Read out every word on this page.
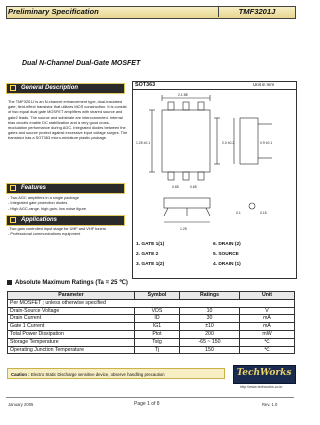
Preliminary Specification	TMF3201J
Dual N-Channel Dual-Gate MOSFET
General Description
The TMF3201J is an N-channel enhancement type, dual-insulated gate, field-effect transistor that utilizes MOS construction. It is consist of two equal dual gate MOSFET amplifiers with shared source and gate2 leads. The source and substrate are interconnected. Internal bias circuits enable DC stabilization and a very good cross-modulation performance during AGC. Integrated diodes between the gates and source protect against excessive input voltage surges. The transistor has a SOT363 micro-miniature plastic package.
Features
- Two AGC amplifiers in a single package
- Integrated gate protection diodes
- High AGC-range, high gain, low noise figure
Applications
-Two gain controlled input stage for UHF and VHF tuners
- Professional communications equipment
SOT363	Unit in mm
2.1 BE
1.25 ±0.1	2.0 ±0.2
0.65	0.65
0.9 ±0.1
1.25
0.1	0.15
1. GATE 1(1)
2. GATE 2
3. GATE 1(2)
6. DRAIN (2)
5. SOURCE
4. DRAIN (1)
Absolute Maximum Ratings (Ta = 25 ℃)
Parameter	Symbol	Ratings	Unit
Per MOSFET ; unless otherwise specified			
Drain-Source Voltage	VDS	10	V
Drain Current	ID	30	mA
Gate 1 Current	IG1	±10	mA
Total Power Dissipation	Ptot	200	mW
Storage Temperature	Tstg	-65 ~ 150	℃
Operating Junction Temperature	Tj	150	℃
Caution : Electro Static Discharge sensitive device, observe handling precaution	TechWorks
http://www.techworks.co.kr
January 2005	Page 1 of 8	Rev. 1.0
